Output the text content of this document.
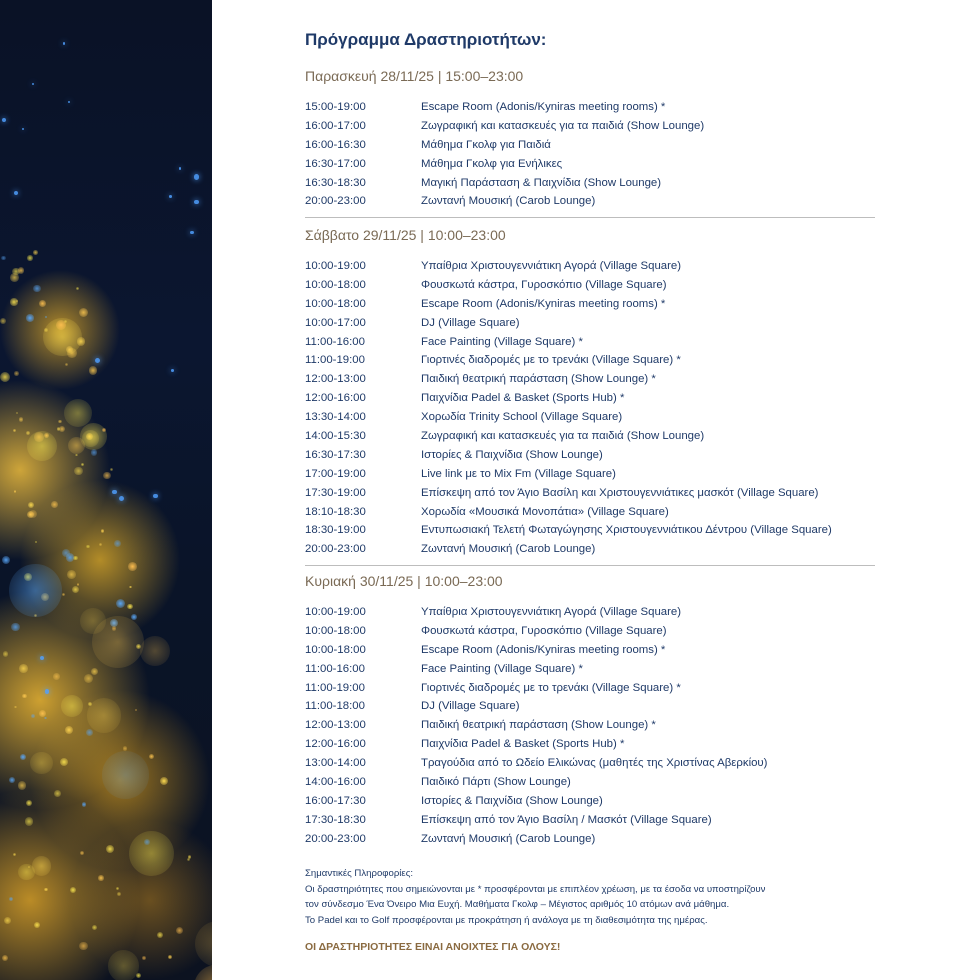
Πρόγραμμα Δραστηριοτήτων:
Παρασκευή 28/11/25 | 15:00–23:00
15:00-19:00	Escape Room (Adonis/Kyniras meeting rooms) *
16:00-17:00	Ζωγραφική και κατασκευές για τα παιδιά (Show Lounge)
16:00-16:30	Μάθημα Γκολφ για Παιδιά
16:30-17:00	Μάθημα Γκολφ για Ενήλικες
16:30-18:30	Μαγική Παράσταση & Παιχνίδια (Show Lounge)
20:00-23:00	Ζωντανή Μουσική (Carob Lounge)
Σάββατο 29/11/25 | 10:00–23:00
10:00-19:00	Υπαίθρια Χριστουγεννιάτικη Αγορά (Village Square)
10:00-18:00	Φουσκωτά κάστρα, Γυροσκόπιο (Village Square)
10:00-18:00	Escape Room (Adonis/Kyniras meeting rooms) *
10:00-17:00	DJ (Village Square)
11:00-16:00	Face Painting (Village Square) *
11:00-19:00	Γιορτινές διαδρομές με το τρενάκι (Village Square) *
12:00-13:00	Παιδική θεατρική παράσταση (Show Lounge) *
12:00-16:00	Παιχνίδια Padel & Basket (Sports Hub) *
13:30-14:00	Χορωδία Trinity School (Village Square)
14:00-15:30	Ζωγραφική και κατασκευές για τα παιδιά (Show Lounge)
16:30-17:30	Ιστορίες & Παιχνίδια (Show Lounge)
17:00-19:00	Live link με το Mix Fm (Village Square)
17:30-19:00	Επίσκεψη από τον Άγιο Βασίλη και Χριστουγεννιάτικες μασκότ (Village Square)
18:10-18:30	Χορωδία «Μουσικά Μονοπάτια» (Village Square)
18:30-19:00	Εντυπωσιακή Τελετή Φωταγώγησης Χριστουγεννιάτικου Δέντρου (Village Square)
20:00-23:00	Ζωντανή Μουσική (Carob Lounge)
Κυριακή 30/11/25 | 10:00–23:00
10:00-19:00	Υπαίθρια Χριστουγεννιάτικη Αγορά (Village Square)
10:00-18:00	Φουσκωτά κάστρα, Γυροσκόπιο (Village Square)
10:00-18:00	Escape Room (Adonis/Kyniras meeting rooms) *
11:00-16:00	Face Painting (Village Square) *
11:00-19:00	Γιορτινές διαδρομές με το τρενάκι (Village Square) *
11:00-18:00	DJ (Village Square)
12:00-13:00	Παιδική θεατρική παράσταση (Show Lounge) *
12:00-16:00	Παιχνίδια Padel & Basket (Sports Hub) *
13:00-14:00	Τραγούδια από το Ωδείο Ελικώνας (μαθητές της Χριστίνας Αβερκίου)
14:00-16:00	Παιδικό Πάρτι (Show Lounge)
16:00-17:30	Ιστορίες & Παιχνίδια (Show Lounge)
17:30-18:30	Επίσκεψη από τον Άγιο Βασίλη / Μασκότ (Village Square)
20:00-23:00	Ζωντανή Μουσική (Carob Lounge)

Σημαντικές Πληροφορίες:

Οι δραστηριότητες που σημειώνονται με * προσφέρονται με επιπλέον χρέωση, με τα έσοδα να υποστηρίζουν

τον σύνδεσμο Ένα Όνειρο Μια Ευχή. Μαθήματα Γκολφ – Μέγιστος αριθμός 10 ατόμων ανά μάθημα.

Το Padel και το Golf προσφέρονται με προκράτηση ή ανάλογα με τη διαθεσιμότητα της ημέρας.

ΟΙ ΔΡΑΣΤΗΡΙΟΤΗΤΕΣ ΕΙΝΑΙ ΑΝΟΙΧΤΕΣ ΓΙΑ ΟΛΟΥΣ!
